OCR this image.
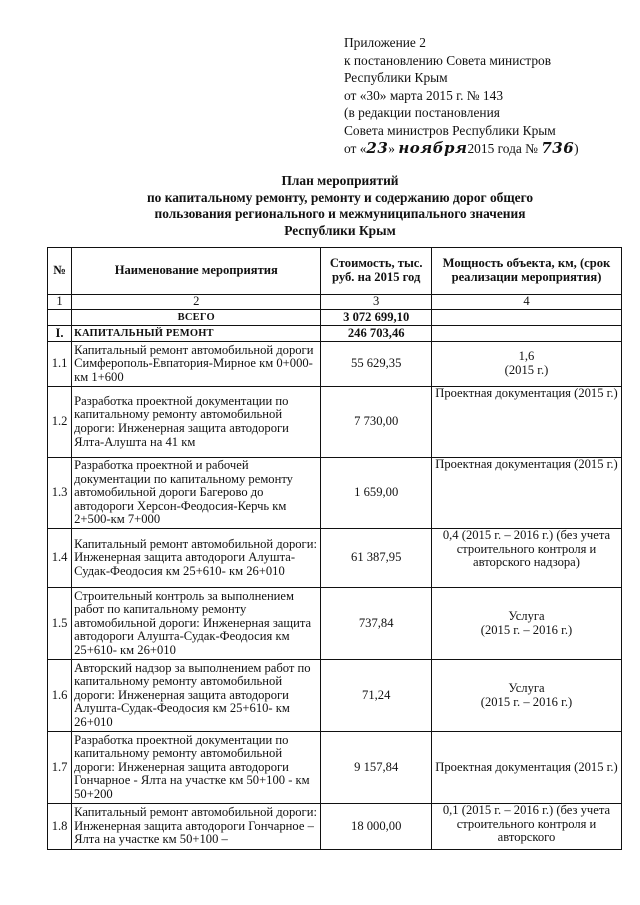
Приложение 2
к постановлению Совета министров
Республики Крым
от «30» марта 2015 г. № 143
(в редакции постановления
Совета министров Республики Крым
от «23» ноября2015 года № 736)
План мероприятий
по капитальному ремонту, ремонту и содержанию дорог общего
пользования регионального и межмуниципального значения
Республики Крым
№	Наименование мероприятия	Стоимость, тыс. руб. на 2015 год	Мощность объекта, км, (срок реализации мероприятия)
1	2	3	4
	ВСЕГО	3 072 699,10	
I.	КАПИТАЛЬНЫЙ РЕМОНТ	246 703,46	
1.1	Капитальный ремонт автомобильной дороги Симферополь-Евпатория-Мирное км 0+000-км 1+600	55 629,35	1,6
(2015 г.)
1.2	Разработка проектной документации по капитальному ремонту автомобильной дороги: Инженерная защита автодороги Ялта-Алушта на 41 км	7 730,00	Проектная документация (2015 г.)
1.3	Разработка проектной и рабочей документации по капитальному ремонту автомобильной дороги Багерово до автодороги Херсон-Феодосия-Керчь км 2+500-км 7+000	1 659,00	Проектная документация (2015 г.)
1.4	Капитальный ремонт автомобильной дороги: Инженерная защита автодороги Алушта-Судак-Феодосия км 25+610- км 26+010	61 387,95	0,4 (2015 г. – 2016 г.) (без учета строительного контроля и авторского надзора)
1.5	Строительный контроль за выполнением работ по капитальному ремонту автомобильной дороги: Инженерная защита автодороги Алушта-Судак-Феодосия км 25+610- км 26+010	737,84	Услуга
(2015 г. – 2016 г.)
1.6	Авторский надзор за выполнением работ по капитальному ремонту автомобильной дороги: Инженерная защита автодороги Алушта-Судак-Феодосия км 25+610- км 26+010	71,24	Услуга
(2015 г. – 2016 г.)
1.7	Разработка проектной документации по капитальному ремонту автомобильной дороги: Инженерная защита автодороги Гончарное - Ялта на участке км 50+100 - км 50+200	9 157,84	Проектная документация (2015 г.)
1.8	Капитальный ремонт автомобильной дороги: Инженерная защита автодороги Гончарное – Ялта на участке км 50+100 –	18 000,00	0,1 (2015 г. – 2016 г.) (без учета строительного контроля и авторского
